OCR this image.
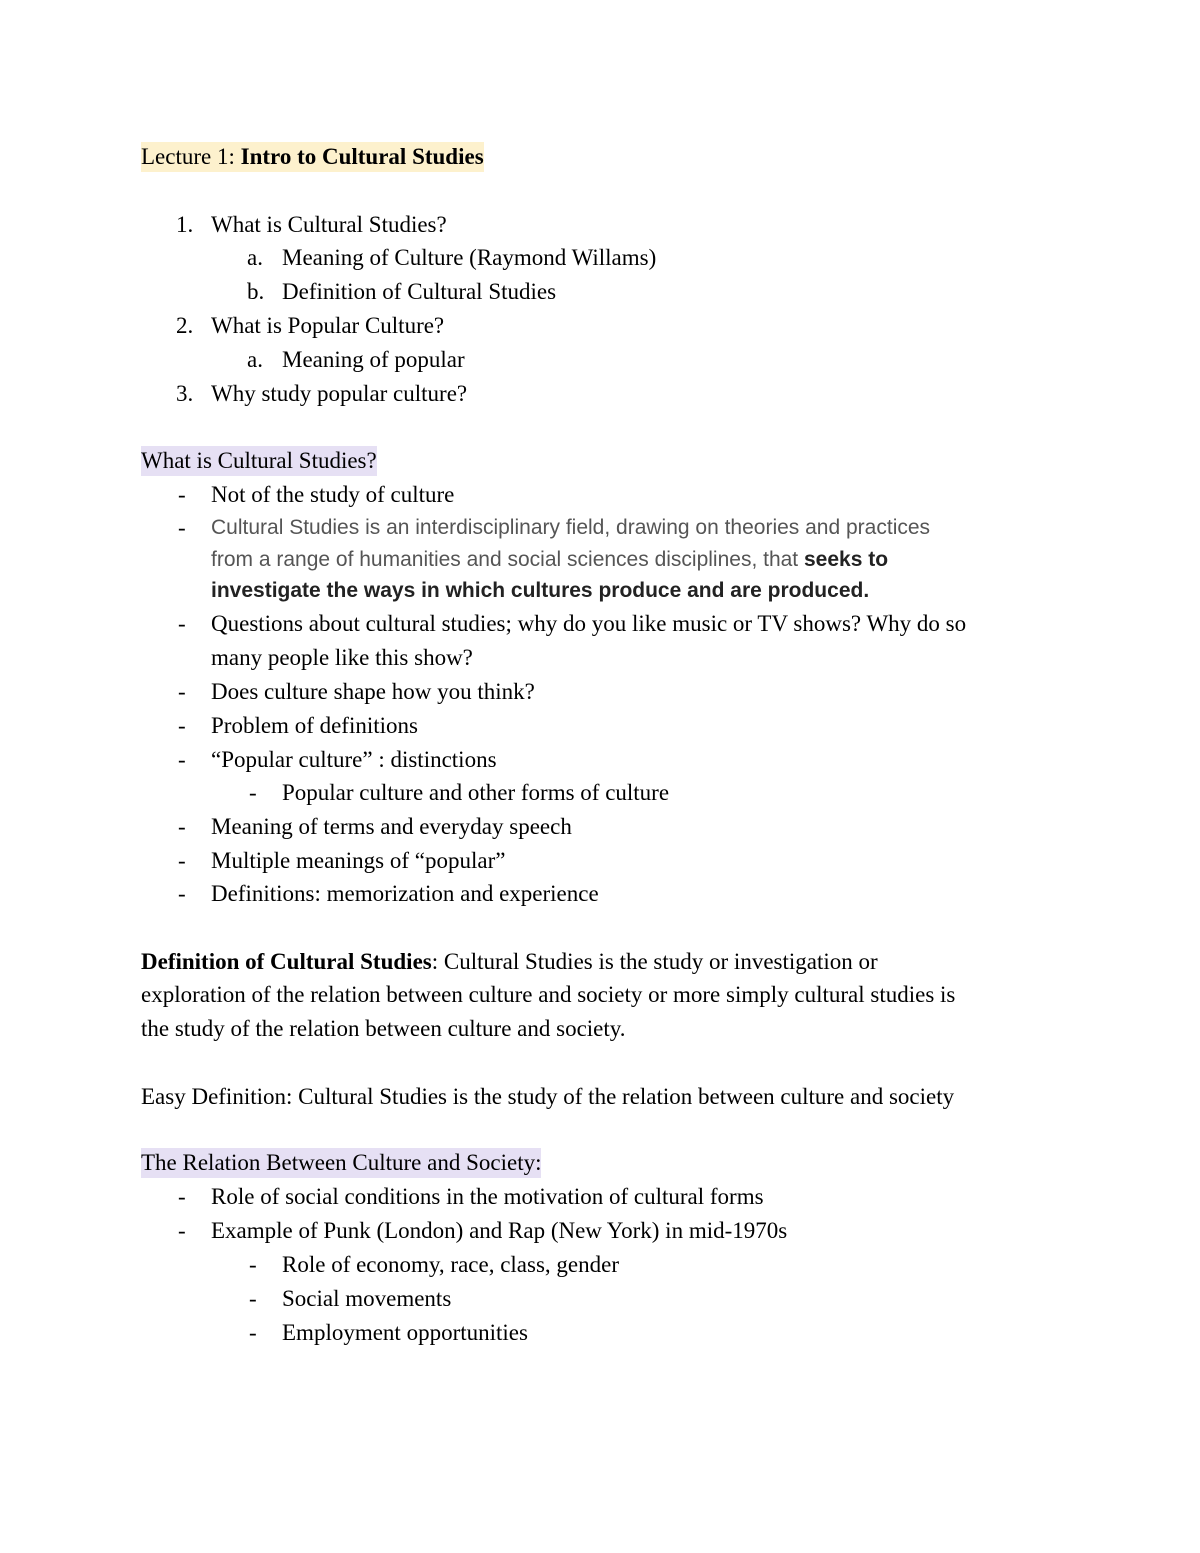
Lecture 1: Intro to Cultural Studies
1. What is Cultural Studies?
a. Meaning of Culture (Raymond Willams)
b. Definition of Cultural Studies
2. What is Popular Culture?
a. Meaning of popular
3. Why study popular culture?
What is Cultural Studies?
- Not of the study of culture
- Cultural Studies is an interdisciplinary field, drawing on theories and practices
from a range of humanities and social sciences disciplines, that seeks to
investigate the ways in which cultures produce and are produced.
- Questions about cultural studies; why do you like music or TV shows? Why do so
many people like this show?
- Does culture shape how you think?
- Problem of definitions
- “Popular culture” : distinctions
- Popular culture and other forms of culture
- Meaning of terms and everyday speech
- Multiple meanings of “popular”
- Definitions: memorization and experience
Definition of Cultural Studies: Cultural Studies is the study or investigation or
exploration of the relation between culture and society or more simply cultural studies is
the study of the relation between culture and society.
Easy Definition: Cultural Studies is the study of the relation between culture and society
The Relation Between Culture and Society:
- Role of social conditions in the motivation of cultural forms
- Example of Punk (London) and Rap (New York) in mid-1970s
- Role of economy, race, class, gender
- Social movements
- Employment opportunities
